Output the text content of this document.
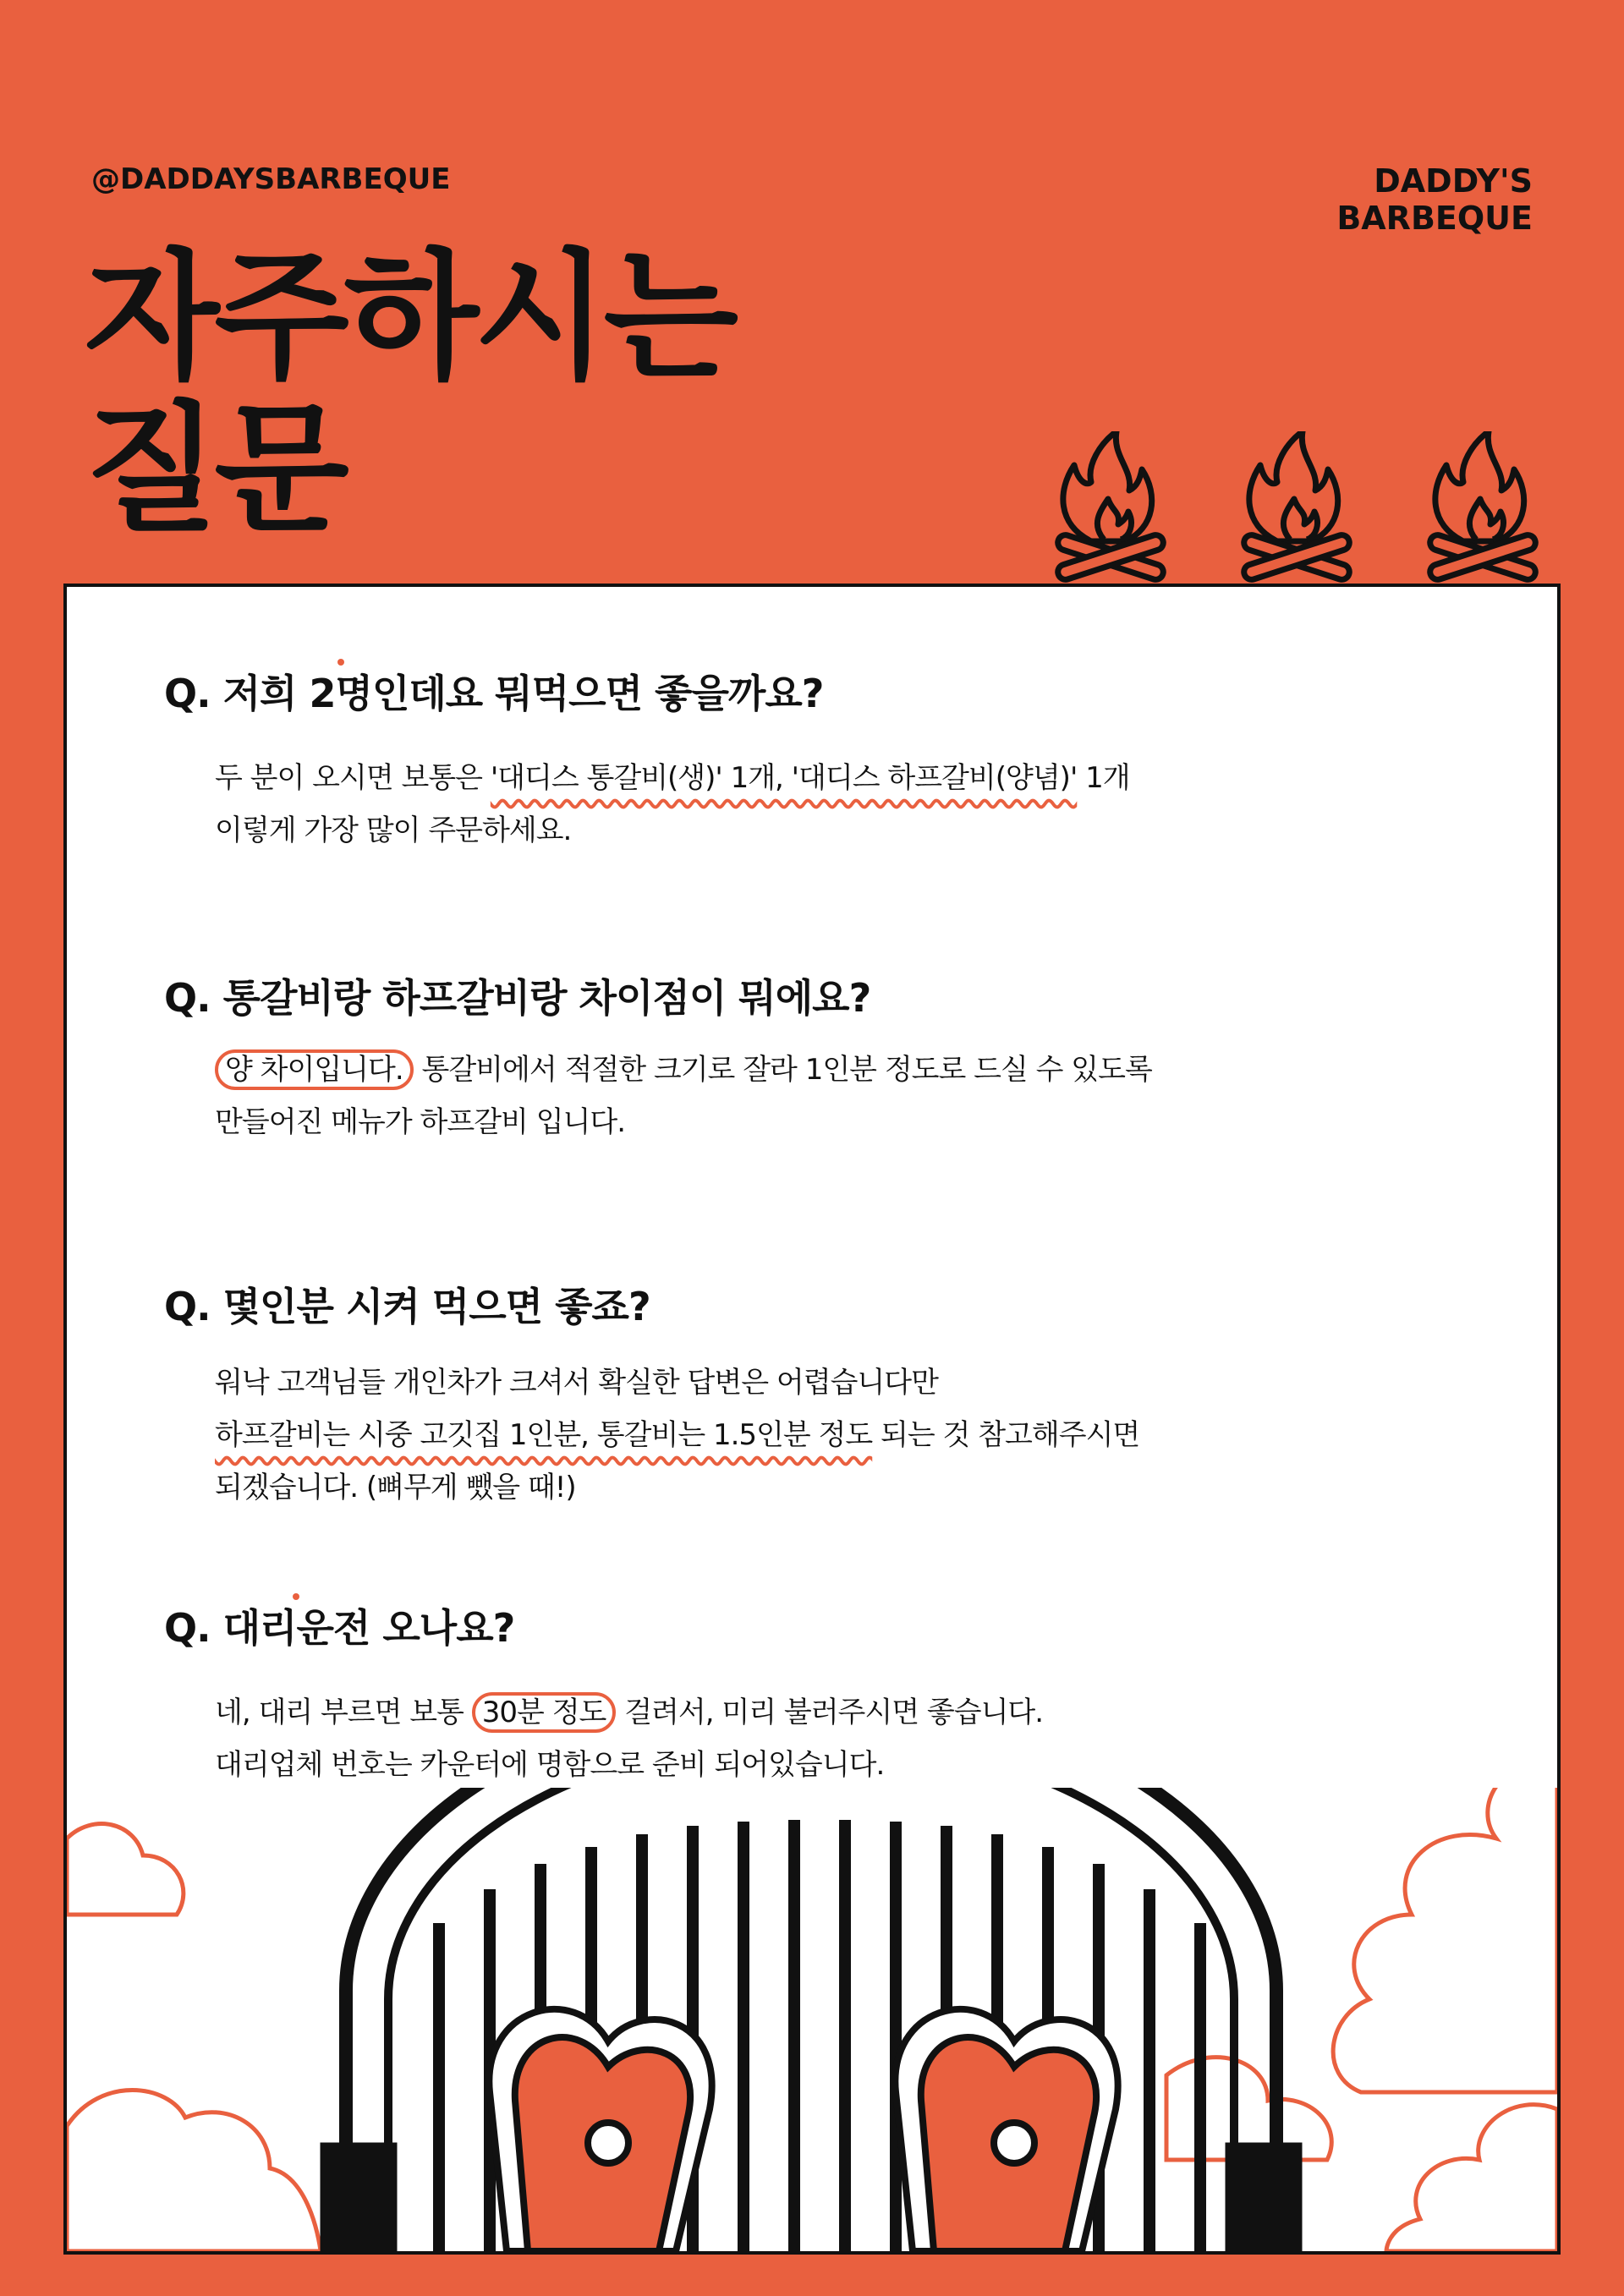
@DADDAYSBARBEQUE	DADDY'S
BARBEQUE
자주하시는
질문
Q. 저희 2명인데요 뭐먹으면 좋을까요?

두 분이 오시면 보통은 '대디스 통갈비(생)' 1개, '대디스 하프갈비(양념)' 1개

이렇게 가장 많이 주문하세요.

Q. 통갈비랑 하프갈비랑 차이점이 뭐에요?

양 차이입니다. 통갈비에서 적절한 크기로 잘라 1인분 정도로 드실 수 있도록

만들어진 메뉴가 하프갈비 입니다.

Q. 몇인분 시켜 먹으면 좋죠?

워낙 고객님들 개인차가 크셔서 확실한 답변은 어렵습니다만

하프갈비는 시중 고깃집 1인분, 통갈비는 1.5인분 정도 되는 것 참고해주시면

되겠습니다. (뼈무게 뺐을 때!)

Q. 대리운전 오나요?

네, 대리 부르면 보통 30분 정도 걸려서, 미리 불러주시면 좋습니다.

대리업체 번호는 카운터에 명함으로 준비 되어있습니다.
